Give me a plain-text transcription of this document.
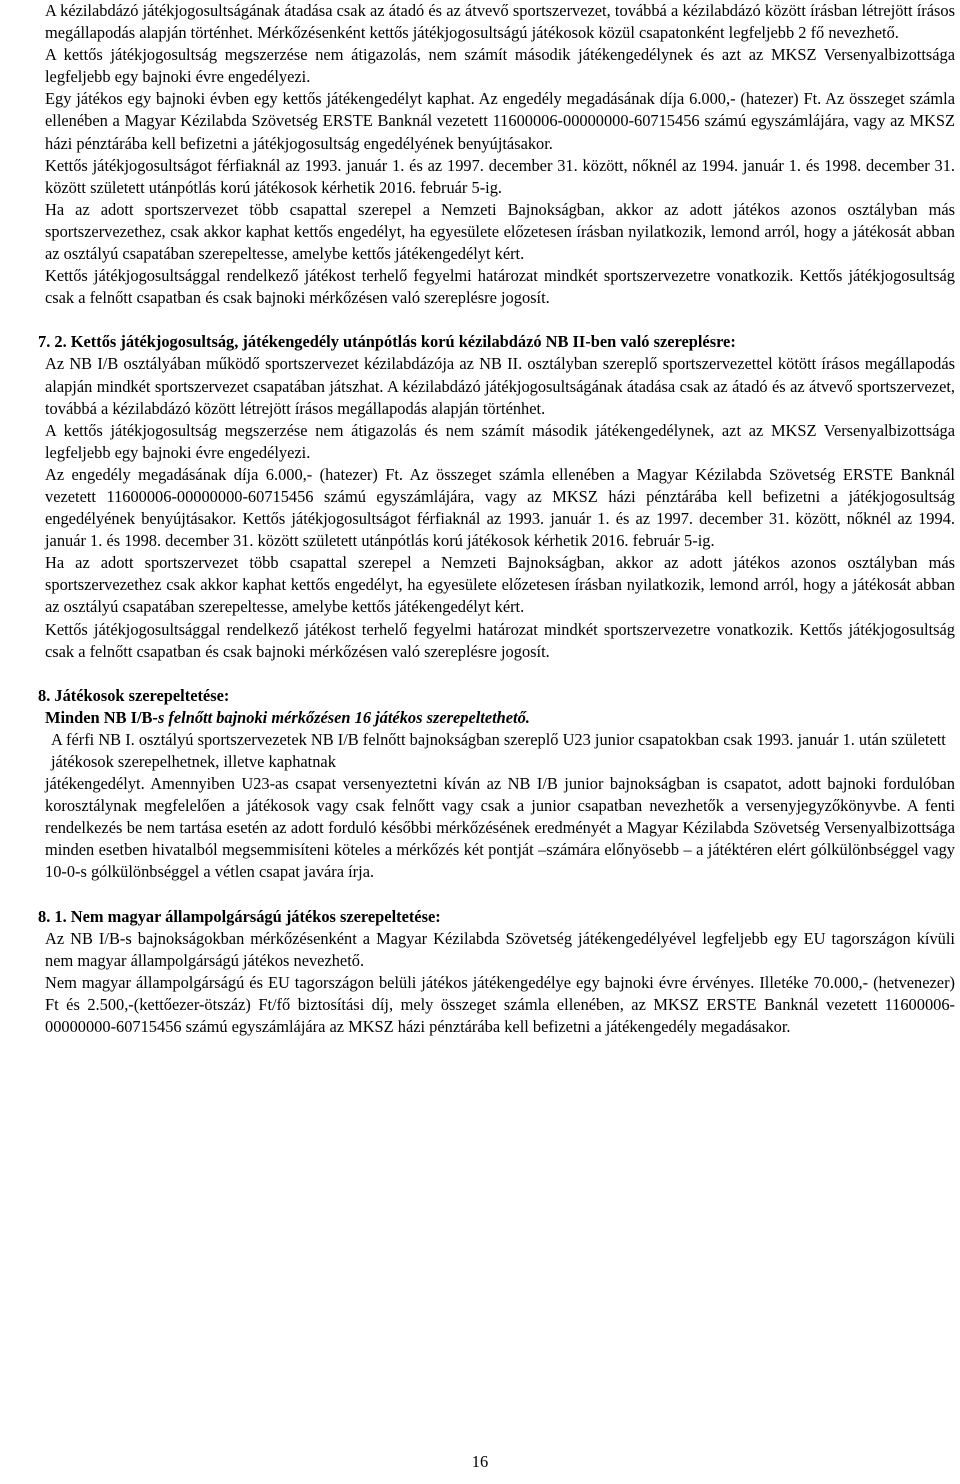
A kézilabdázó játékjogosultságának átadása csak az átadó és az átvevő sportszervezet, továbbá a kézilabdázó között írásban létrejött írásos megállapodás alapján történhet. Mérkőzésenként kettős játékjogosultságú játékosok közül csapatonként legfeljebb 2 fő nevezhető.

A kettős játékjogosultság megszerzése nem átigazolás, nem számít második játékengedélynek és azt az MKSZ Versenyalbizottsága legfeljebb egy bajnoki évre engedélyezi.

Egy játékos egy bajnoki évben egy kettős játékengedélyt kaphat. Az engedély megadásának díja 6.000,- (hatezer) Ft. Az összeget számla ellenében a Magyar Kézilabda Szövetség ERSTE Banknál vezetett 11600006-00000000-60715456 számú egyszámlájára, vagy az MKSZ házi pénztárába kell befizetni a játékjogosultság engedélyének benyújtásakor.

Kettős játékjogosultságot férfiaknál az 1993. január 1. és az 1997. december 31. között, nőknél az 1994. január 1. és 1998. december 31. között született utánpótlás korú játékosok kérhetik 2016. február 5-ig.

Ha az adott sportszervezet több csapattal szerepel a Nemzeti Bajnokságban, akkor az adott játékos azonos osztályban más sportszervezethez, csak akkor kaphat kettős engedélyt, ha egyesülete előzetesen írásban nyilatkozik, lemond arról, hogy a játékosát abban az osztályú csapatában szerepeltesse, amelybe kettős játékengedélyt kért.

Kettős játékjogosultsággal rendelkező játékost terhelő fegyelmi határozat mindkét sportszervezetre vonatkozik. Kettős játékjogosultság csak a felnőtt csapatban és csak bajnoki mérkőzésen való szereplésre jogosít.

7. 2. Kettős játékjogosultság, játékengedély utánpótlás korú kézilabdázó NB II-ben való szereplésre:

Az NB I/B osztályában működő sportszervezet kézilabdázója az NB II. osztályban szereplő sportszervezettel kötött írásos megállapodás alapján mindkét sportszervezet csapatában játszhat. A kézilabdázó játékjogosultságának átadása csak az átadó és az átvevő sportszervezet, továbbá a kézilabdázó között létrejött írásos megállapodás alapján történhet.

A kettős játékjogosultság megszerzése nem átigazolás és nem számít második játékengedélynek, azt az MKSZ Versenyalbizottsága legfeljebb egy bajnoki évre engedélyezi.

Az engedély megadásának díja 6.000,- (hatezer) Ft. Az összeget számla ellenében a Magyar Kézilabda Szövetség ERSTE Banknál vezetett 11600006-00000000-60715456 számú egyszámlájára, vagy az MKSZ házi pénztárába kell befizetni a játékjogosultság engedélyének benyújtásakor. Kettős játékjogosultságot férfiaknál az 1993. január 1. és az 1997. december 31. között, nőknél az 1994. január 1. és 1998. december 31. között született utánpótlás korú játékosok kérhetik 2016. február 5-ig.

Ha az adott sportszervezet több csapattal szerepel a Nemzeti Bajnokságban, akkor az adott játékos azonos osztályban más sportszervezethez csak akkor kaphat kettős engedélyt, ha egyesülete előzetesen írásban nyilatkozik, lemond arról, hogy a játékosát abban az osztályú csapatában szerepeltesse, amelybe kettős játékengedélyt kért.

Kettős játékjogosultsággal rendelkező játékost terhelő fegyelmi határozat mindkét sportszervezetre vonatkozik. Kettős játékjogosultság csak a felnőtt csapatban és csak bajnoki mérkőzésen való szereplésre jogosít.

8. Játékosok szerepeltetése:

Minden NB I/B-s felnőtt bajnoki mérkőzésen 16 játékos szerepeltethető.

A férfi NB I. osztályú sportszervezetek NB I/B felnőtt bajnokságban szereplő U23 junior csapatokban csak 1993. január 1. után született játékosok szerepelhetnek, illetve kaphatnak

játékengedélyt. Amennyiben U23-as csapat versenyeztetni kíván az NB I/B junior bajnokságban is csapatot, adott bajnoki fordulóban korosztálynak megfelelően a játékosok vagy csak felnőtt vagy csak a junior csapatban nevezhetők a versenyjegyzőkönyvbe. A fenti rendelkezés be nem tartása esetén az adott forduló későbbi mérkőzésének eredményét a Magyar Kézilabda Szövetség Versenyalbizottsága minden esetben hivatalból megsemmisíteni köteles a mérkőzés két pontját –számára előnyösebb – a játéktéren elért gólkülönbséggel vagy 10-0-s gólkülönbséggel a vétlen csapat javára írja.

8. 1. Nem magyar állampolgárságú játékos szerepeltetése:

Az NB I/B-s bajnokságokban mérkőzésenként a Magyar Kézilabda Szövetség játékengedélyével legfeljebb egy EU tagországon kívüli nem magyar állampolgárságú játékos nevezhető.

Nem magyar állampolgárságú és EU tagországon belüli játékos játékengedélye egy bajnoki évre érvényes. Illetéke 70.000,- (hetvenezer) Ft és 2.500,-(kettőezer-ötszáz) Ft/fő biztosítási díj, mely összeget számla ellenében, az MKSZ ERSTE Banknál vezetett 11600006-00000000-60715456 számú egyszámlájára az MKSZ házi pénztárába kell befizetni a játékengedély megadásakor.

16
